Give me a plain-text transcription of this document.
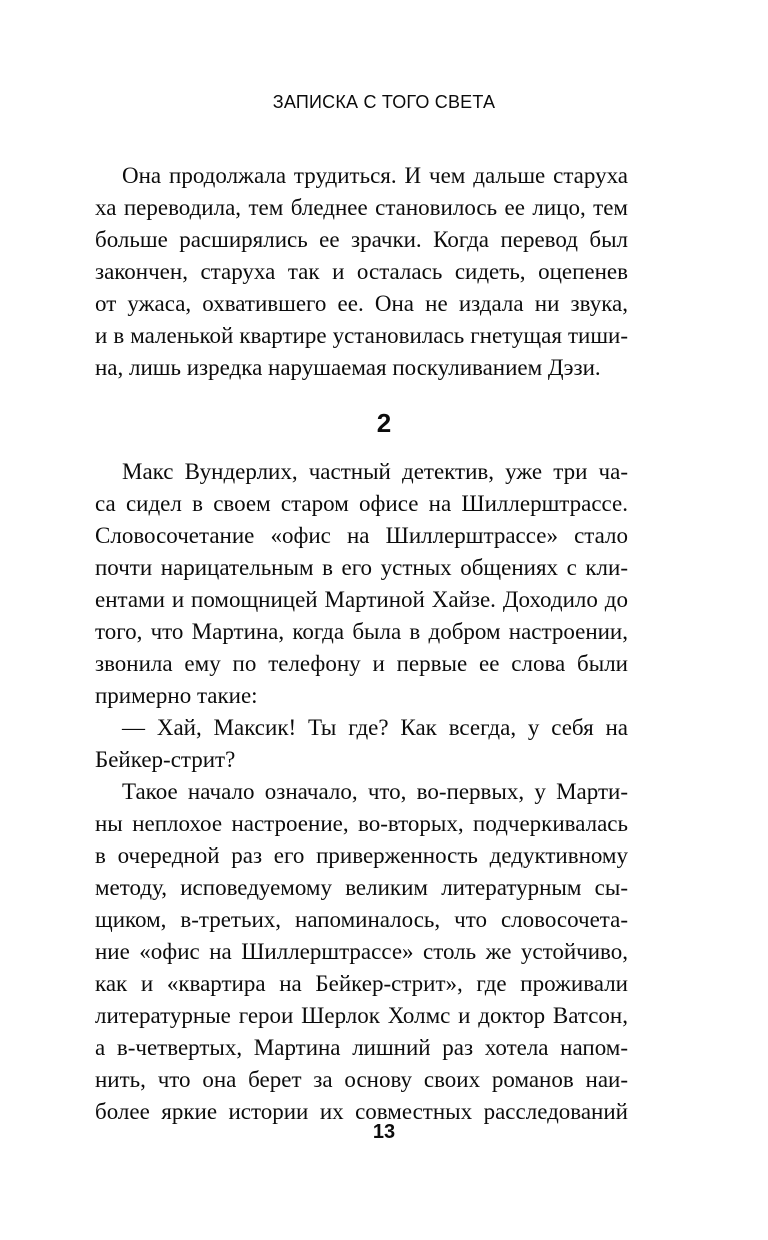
ЗАПИСКА С ТОГО СВЕТА
Она продолжала трудиться. И чем дальше старуха
ха переводила, тем бледнее становилось ее лицо, тем
больше расширялись ее зрачки. Когда перевод был
закончен, старуха так и осталась сидеть, оцепенев
от ужаса, охватившего ее. Она не издала ни звука,
и в маленькой квартире установилась гнетущая тиши-
на, лишь изредка нарушаемая поскуливанием Дэзи.
2
Макс Вундерлих, частный детектив, уже три ча-
са сидел в своем старом офисе на Шиллерштрассе.
Словосочетание «офис на Шиллерштрассе» стало
почти нарицательным в его устных общениях с кли-
ентами и помощницей Мартиной Хайзе. Доходило до
того, что Мартина, когда была в добром настроении,
звонила ему по телефону и первые ее слова были
примерно такие:
— Хай, Максик! Ты где? Как всегда, у себя на
Бейкер-стрит?
Такое начало означало, что, во-первых, у Марти-
ны неплохое настроение, во-вторых, подчеркивалась
в очередной раз его приверженность дедуктивному
методу, исповедуемому великим литературным сы-
щиком, в-третьих, напоминалось, что словосочета-
ние «офис на Шиллерштрассе» столь же устойчиво,
как и «квартира на Бейкер-стрит», где проживали
литературные герои Шерлок Холмс и доктор Ватсон,
а в-четвертых, Мартина лишний раз хотела напом-
нить, что она берет за основу своих романов наи-
более яркие истории их совместных расследований
13
